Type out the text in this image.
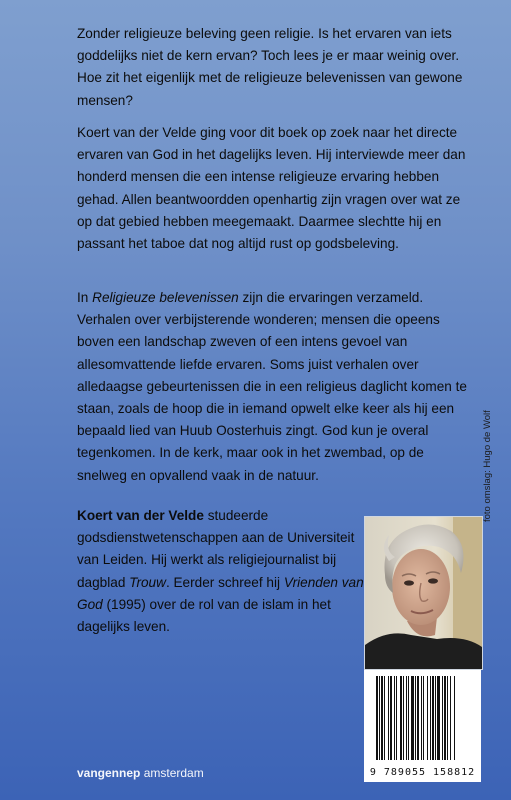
Zonder religieuze beleving geen religie. Is het ervaren van iets goddelijks niet de kern ervan? Toch lees je er maar weinig over. Hoe zit het eigenlijk met de religieuze belevenissen van gewone mensen?

Koert van der Velde ging voor dit boek op zoek naar het directe ervaren van God in het dagelijks leven. Hij interviewde meer dan honderd mensen die een intense religieuze ervaring hebben gehad. Allen beantwoordden openhartig zijn vragen over wat ze op dat gebied hebben meegemaakt. Daarmee slechtte hij en passant het taboe dat nog altijd rust op godsbeleving.

In Religieuze belevenissen zijn die ervaringen verzameld. Verhalen over verbijsterende wonderen; mensen die opeens boven een landschap zweven of een intens gevoel van allesomvattende liefde ervaren. Soms juist verhalen over alledaagse gebeurtenissen die in een religieus daglicht komen te staan, zoals de hoop die in iemand opwelt elke keer als hij een bepaald lied van Huub Oosterhuis zingt. God kun je overal tegenkomen. In de kerk, maar ook in het zwembad, op de snelweg en opvallend vaak in de natuur.

Koert van der Velde studeerde godsdienstwetenschappen aan de Universiteit van Leiden. Hij werkt als religiejournalist bij dagblad Trouw. Eerder schreef hij Vrienden van God (1995) over de rol van de islam in het dagelijks leven.

foto omslag: Hugo de Wolf
9 789055 158812
vangennep amsterdam
